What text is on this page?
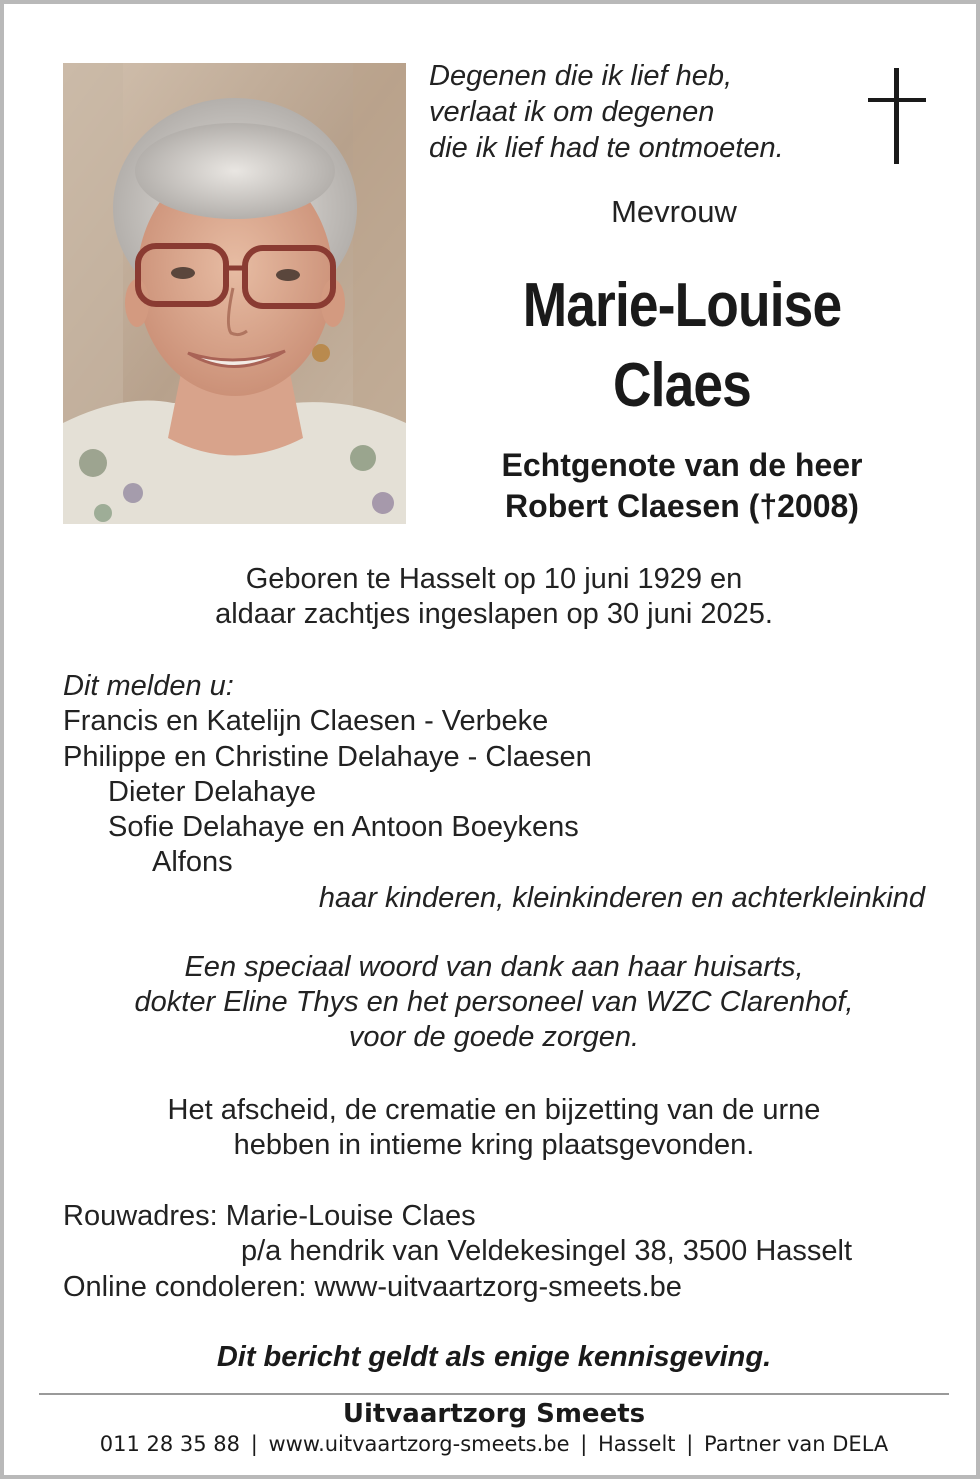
Degenen die ik lief heb,
verlaat ik om degenen
die ik lief had te ontmoeten.
Mevrouw
Marie-Louise
Claes
Echtgenote van de heer
Robert Claesen (†2008)
Geboren te Hasselt op 10 juni 1929 en
aldaar zachtjes ingeslapen op 30 juni 2025.
Dit melden u:
Francis en Katelijn Claesen - Verbeke
Philippe en Christine Delahaye - Claesen
Dieter Delahaye
Sofie Delahaye en Antoon Boeykens
Alfons
haar kinderen, kleinkinderen en achterkleinkind
Een speciaal woord van dank aan haar huisarts,
dokter Eline Thys en het personeel van WZC Clarenhof,
voor de goede zorgen.
Het afscheid, de crematie en bijzetting van de urne
hebben in intieme kring plaatsgevonden.
Rouwadres: Marie-Louise Claes
p/a hendrik van Veldekesingel 38, 3500 Hasselt
Online condoleren: www-uitvaartzorg-smeets.be
Dit bericht geldt als enige kennisgeving.
Uitvaartzorg Smeets
011 28 35 88 | www.uitvaartzorg-smeets.be | Hasselt | Partner van DELA
